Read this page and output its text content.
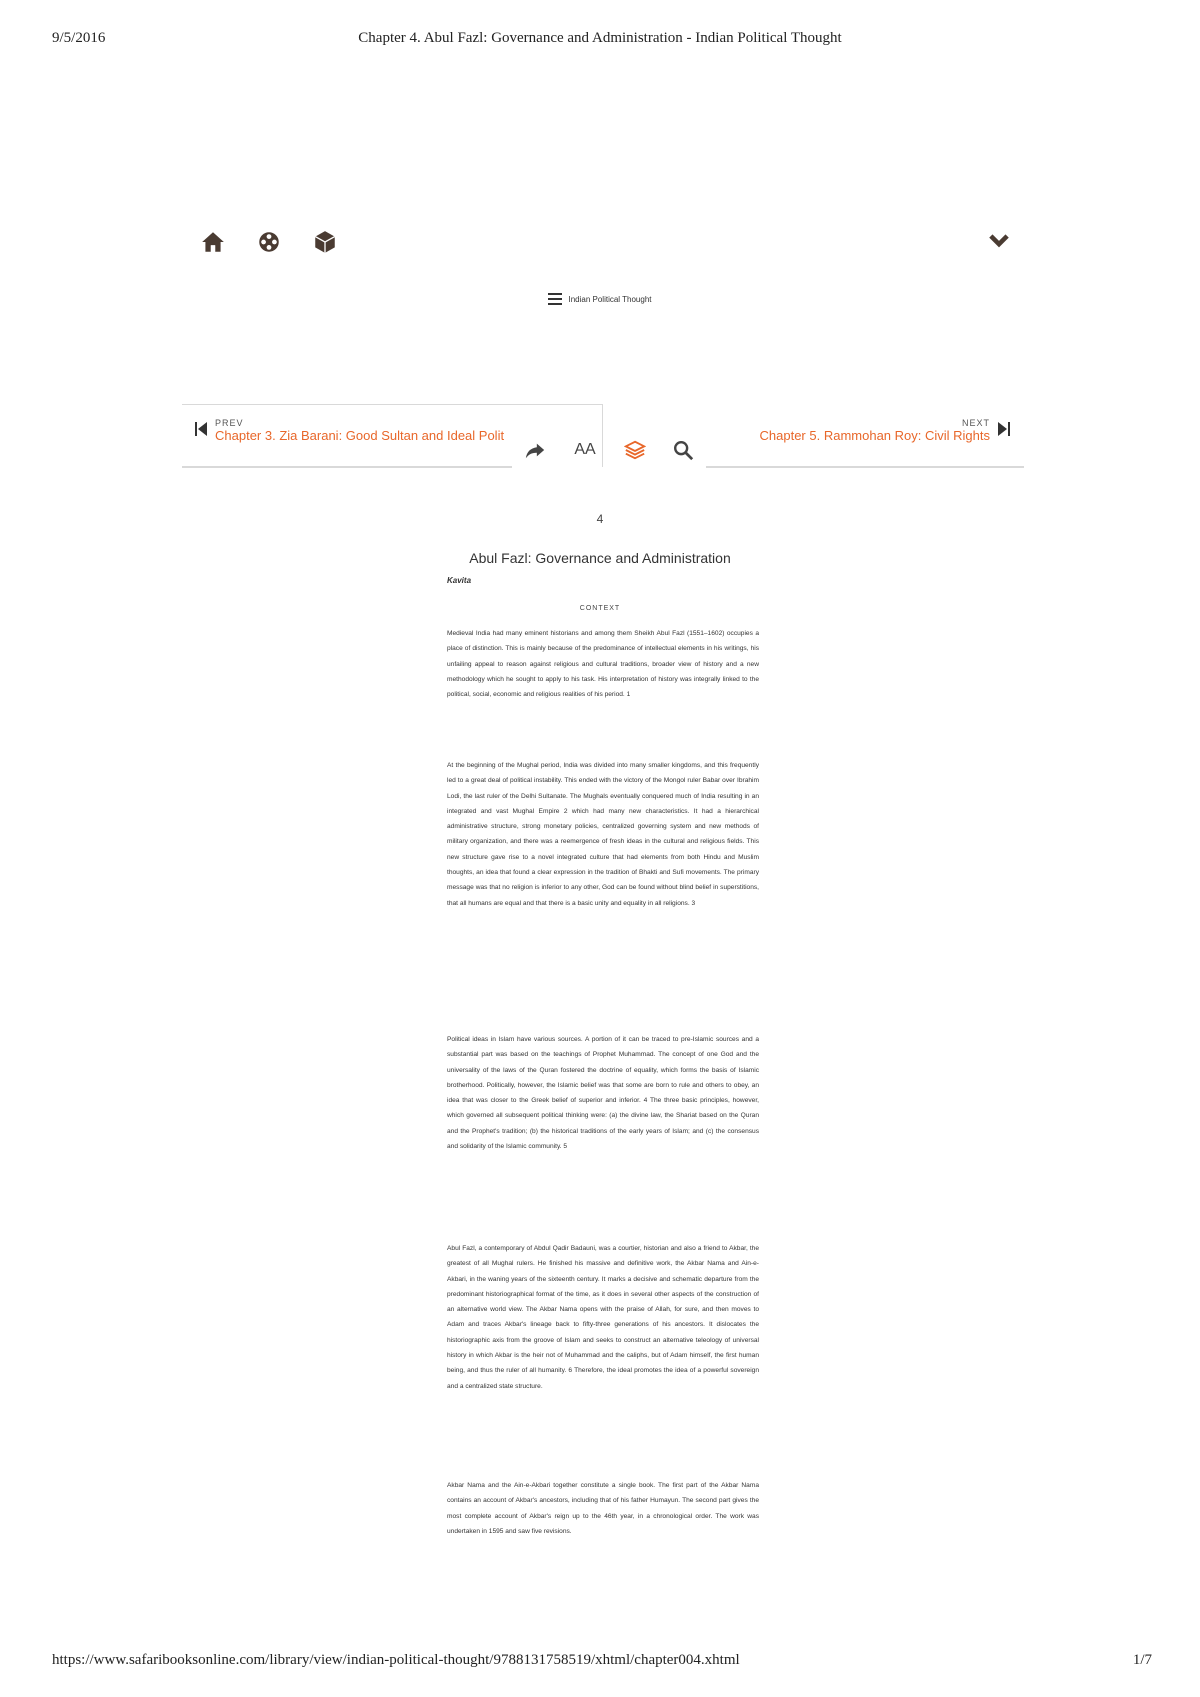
9/5/2016	Chapter 4. Abul Fazl: Governance and Administration - Indian Political Thought
Indian Political Thought
PREV
Chapter 3. Zia Barani: Good Sultan and Ideal Polit
NEXT
Chapter 5. Rammohan Roy: Civil Rights
AA
4
Abul Fazl: Governance and Administration
Kavita
CONTEXT
Medieval India had many eminent historians and among them Sheikh Abul Fazl (1551–1602) occupies a place of distinction. This is mainly because of the predominance of intellectual elements in his writings, his unfailing appeal to reason against religious and cultural traditions, broader view of history and a new methodology which he sought to apply to his task. His interpretation of history was integrally linked to the political, social, economic and religious realities of his period. 1
At the beginning of the Mughal period, India was divided into many smaller kingdoms, and this frequently led to a great deal of political instability. This ended with the victory of the Mongol ruler Babar over Ibrahim Lodi, the last ruler of the Delhi Sultanate. The Mughals eventually conquered much of India resulting in an integrated and vast Mughal Empire 2 which had many new characteristics. It had a hierarchical administrative structure, strong monetary policies, centralized governing system and new methods of military organization, and there was a reemergence of fresh ideas in the cultural and religious fields. This new structure gave rise to a novel integrated culture that had elements from both Hindu and Muslim thoughts, an idea that found a clear expression in the tradition of Bhakti and Sufi movements. The primary message was that no religion is inferior to any other, God can be found without blind belief in superstitions, that all humans are equal and that there is a basic unity and equality in all religions. 3
Political ideas in Islam have various sources. A portion of it can be traced to pre-Islamic sources and a substantial part was based on the teachings of Prophet Muhammad. The concept of one God and the universality of the laws of the Quran fostered the doctrine of equality, which forms the basis of Islamic brotherhood. Politically, however, the Islamic belief was that some are born to rule and others to obey, an idea that was closer to the Greek belief of superior and inferior. 4 The three basic principles, however, which governed all subsequent political thinking were: (a) the divine law, the Shariat based on the Quran and the Prophet's tradition; (b) the historical traditions of the early years of Islam; and (c) the consensus and solidarity of the Islamic community. 5
Abul Fazl, a contemporary of Abdul Qadir Badauni, was a courtier, historian and also a friend to Akbar, the greatest of all Mughal rulers. He finished his massive and definitive work, the Akbar Nama and Ain-e-Akbari, in the waning years of the sixteenth century. It marks a decisive and schematic departure from the predominant historiographical format of the time, as it does in several other aspects of the construction of an alternative world view. The Akbar Nama opens with the praise of Allah, for sure, and then moves to Adam and traces Akbar's lineage back to fifty-three generations of his ancestors. It dislocates the historiographic axis from the groove of Islam and seeks to construct an alternative teleology of universal history in which Akbar is the heir not of Muhammad and the caliphs, but of Adam himself, the first human being, and thus the ruler of all humanity. 6 Therefore, the ideal promotes the idea of a powerful sovereign and a centralized state structure.
Akbar Nama and the Ain-e-Akbari together constitute a single book. The first part of the Akbar Nama contains an account of Akbar's ancestors, including that of his father Humayun. The second part gives the most complete account of Akbar's reign up to the 46th year, in a chronological order. The work was undertaken in 1595 and saw five revisions.
https://www.safaribooksonline.com/library/view/indian-political-thought/9788131758519/xhtml/chapter004.xhtml	1/7
